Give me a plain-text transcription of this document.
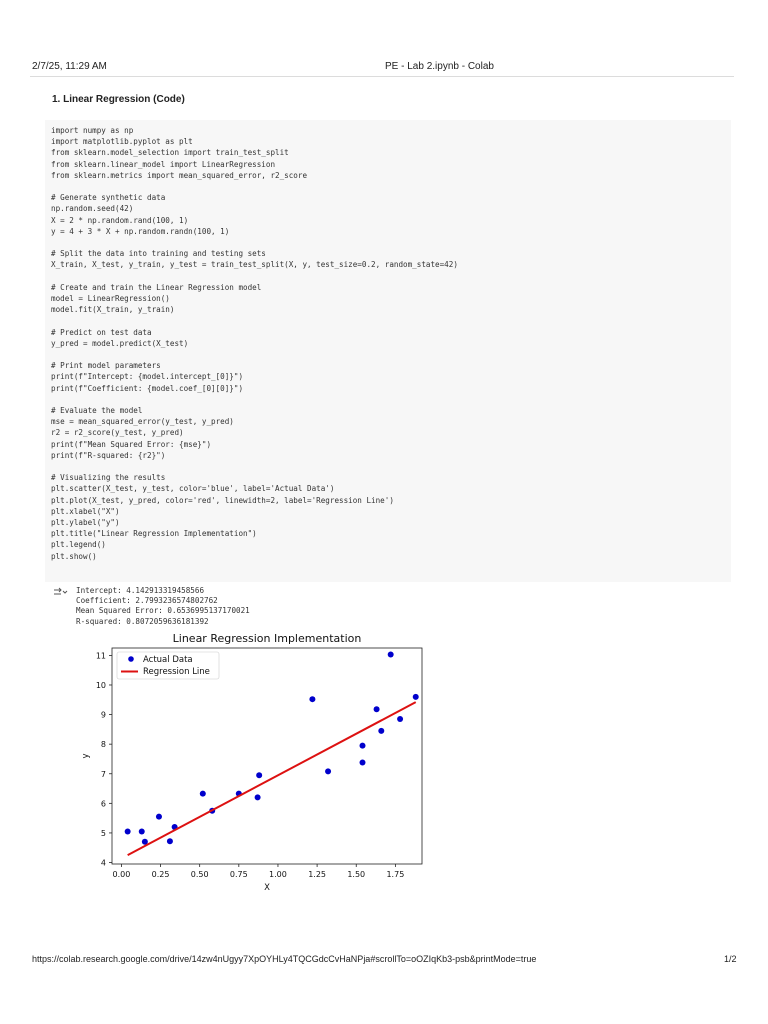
2/7/25, 11:29 AM	PE - Lab 2.ipynb - Colab
1. Linear Regression (Code)
import numpy as np
import matplotlib.pyplot as plt
from sklearn.model_selection import train_test_split
from sklearn.linear_model import LinearRegression
from sklearn.metrics import mean_squared_error, r2_score
# Generate synthetic data
np.random.seed(42)
X = 2 * np.random.rand(100, 1)
y = 4 + 3 * X + np.random.randn(100, 1)
# Split the data into training and testing sets
X_train, X_test, y_train, y_test = train_test_split(X, y, test_size=0.2, random_state=42)
# Create and train the Linear Regression model
model = LinearRegression()
model.fit(X_train, y_train)
# Predict on test data
y_pred = model.predict(X_test)
# Print model parameters
print(f"Intercept: {model.intercept_[0]}")
print(f"Coefficient: {model.coef_[0][0]}")
# Evaluate the model
mse = mean_squared_error(y_test, y_pred)
r2 = r2_score(y_test, y_pred)
print(f"Mean Squared Error: {mse}")
print(f"R-squared: {r2}")
# Visualizing the results
plt.scatter(X_test, y_test, color='blue', label='Actual Data')
plt.plot(X_test, y_pred, color='red', linewidth=2, label='Regression Line')
plt.xlabel("X")
plt.ylabel("y")
plt.title("Linear Regression Implementation")
plt.legend()
plt.show()
Intercept: 4.142913319458566
Coefficient: 2.7993236574802762
Mean Squared Error: 0.6536995137170021
R-squared: 0.8072059636181392
Linear Regression Implementation
0.00	0.25	0.50	0.75	1.00	1.25	1.50	1.75
4
5
6
7
8
9
10
11	Actual Data
Regression Line
X
y
https://colab.research.google.com/drive/14zw4nUgyy7XpOYHLy4TQCGdcCvHaNPja#scrollTo=oOZIqKb3-psb&printMode=true	1/2
